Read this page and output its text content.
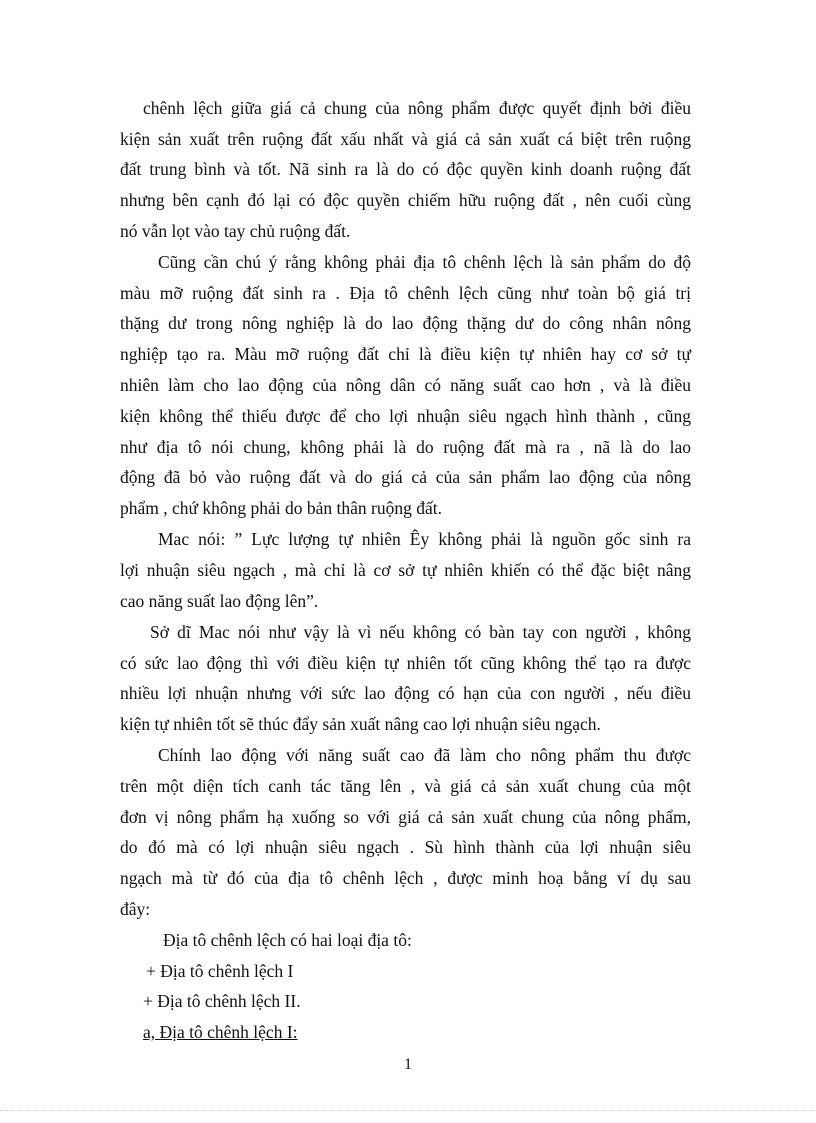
chênh lệch giữa giá cả chung của nông phẩm được quyết định bởi điều
kiện sản xuất trên ruộng đất xấu nhất và giá cả sản xuất cá biệt trên ruộng
đất trung bình và tốt. Nã sinh ra là do có độc quyền kinh doanh ruộng đất
nhưng bên cạnh đó lại có độc quyền chiếm hữu ruộng đất , nên cuối cùng
nó vẫn lọt vào tay chủ ruộng đất.
Cũng cần chú ý rằng không phải địa tô chênh lệch là sản phẩm do độ
màu mỡ ruộng đất sinh ra . Địa tô chênh lệch cũng như toàn bộ giá trị
thặng dư trong nông nghiệp là do lao động thặng dư do công nhân nông
nghiệp tạo ra. Màu mỡ ruộng đất chỉ là điều kiện tự nhiên hay cơ sở tự
nhiên làm cho lao động của nông dân có năng suất cao hơn , và là điều
kiện không thể thiếu được để cho lợi nhuận siêu ngạch hình thành , cũng
như địa tô nói chung, không phải là do ruộng đất mà ra , nã là do lao
động đã bỏ vào ruộng đất và do giá cả của sản phẩm lao động của nông
phẩm , chứ không phải do bản thân ruộng đất.
Mac nói: ” Lực lượng tự nhiên Êy không phải là nguồn gốc sinh ra
lợi nhuận siêu ngạch , mà chỉ là cơ sở tự nhiên khiến có thể đặc biệt nâng
cao năng suất lao động lên”.
Sở dĩ Mac nói như vậy là vì nếu không có bàn tay con người , không
có sức lao động thì với điều kiện tự nhiên tốt cũng không thể tạo ra được
nhiều lợi nhuận nhưng với sức lao động có hạn của con người , nếu điều
kiện tự nhiên tốt sẽ thúc đẩy sản xuất nâng cao lợi nhuận siêu ngạch.
Chính lao động với năng suất cao đã làm cho nông phẩm thu được
trên một diện tích canh tác tăng lên , và giá cả sản xuất chung của một
đơn vị nông phẩm hạ xuống so với giá cả sản xuất chung của nông phẩm,
do đó mà có lợi nhuận siêu ngạch . Sù hình thành của lợi nhuận siêu
ngạch mà từ đó của địa tô chênh lệch , được minh hoạ bằng ví dụ sau
đây:
Địa tô chênh lệch có hai loại địa tô:
+ Địa tô chênh lệch I
+ Địa tô chênh lệch II.
a, Địa tô chênh lệch I:
1
